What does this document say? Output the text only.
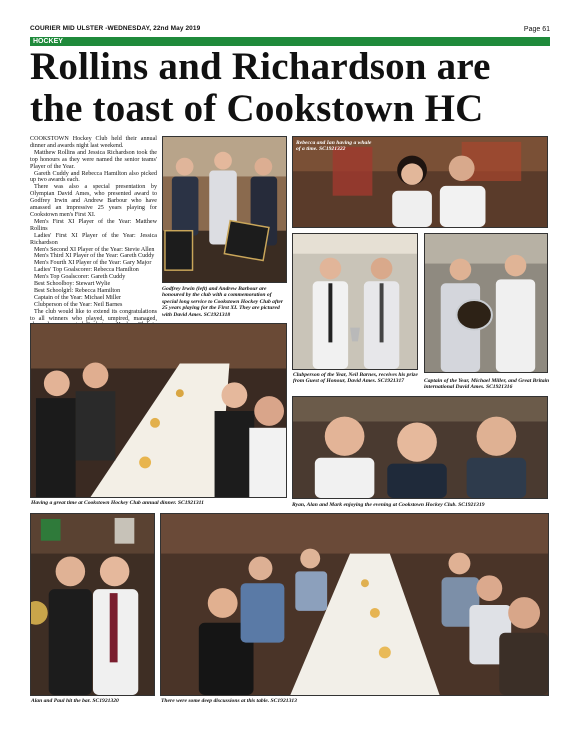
COURIER MID ULSTER -WEDNESDAY, 22nd May 2019	Page 61
HOCKEY
Rollins and Richardson are
the toast of Cookstown HC

COOKSTOWN Hockey Club held their annual dinner and awards night last weekend.

Matthew Rollins and Jessica Richardson took the top honours as they were named the senior teams' Player of the Year.

Gareth Cuddy and Rebecca Hamilton also picked up two awards each.

There was also a special presentation by Olympian David Ames, who presented award to Godfrey Irwin and Andrew Barbour who have amassed an impressive 25 years playing for Cookstown men's First XI.

Men's First XI Player of the Year: Matthew Rollins

Ladies' First XI Player of the Year: Jessica Richardson

Men's Second XI Player of the Year: Stevie Allen

Men's Third XI Player of the Year: Gareth Cuddy

Men's Fourth XI Player of the Year: Gary Major

Ladies' Top Goalscorer: Rebecca Hamilton

Men's Top Goalscorer: Gareth Cuddy

Best Schoolboy: Stewart Wylie

Best Schoolgirl: Rebecca Hamilton

Captain of the Year: Michael Miller

Clubperson of the Year: Neil Barnes

The club would like to extend its congratulations to all winners who played, umpired, managed,

Godfrey Irwin (left) and Andrew Barbour are honoured by the club with a commemoration of special long service to Cookstown Hockey Club after 25 years playing for the First XI. They are pictured with David Ames. SC1921318
Rebecca and Ian having a whale of a time. SC1921322
Clubperson of the Year, Neil Barnes, receives his prize from Guest of Honour, David Ames. SC1921317	Captain of the Year, Michael Miller, and Great Britain international David Ames. SC1921316
Having a great time at Cookstown Hockey Club annual dinner. SC1921311	Ryan, Alan and Mark enjoying the evening at Cookstown Hockey Club. SC1921319
Alan and Paul hit the bar. SC1921320	There were some deep discussions at this table. SC1921313
